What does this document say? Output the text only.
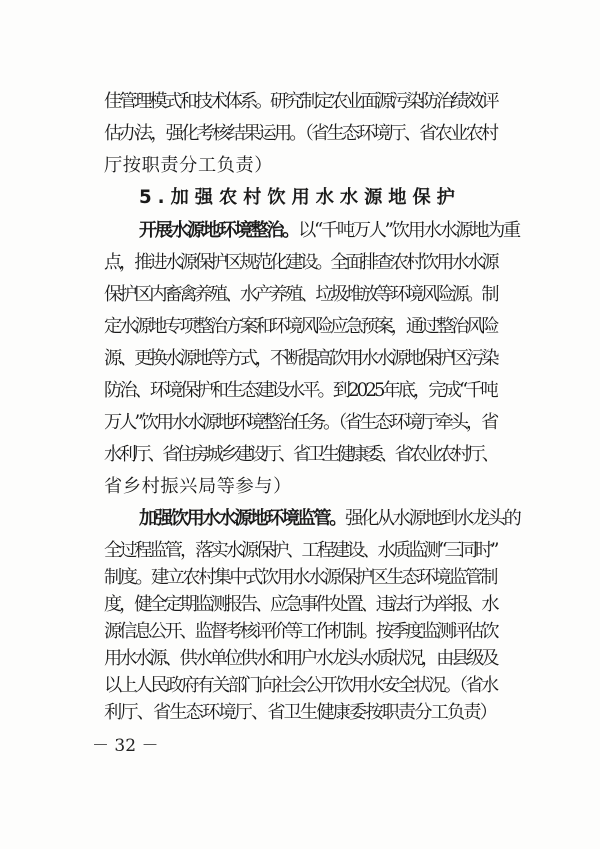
佳管理模式和技术体系。研究制定农业面源污染防治绩效评
估办法，强化考核结果运用。（省生态环境厅、省农业农村
厅按职责分工负责）
5.加强农村饮用水水源地保护
开展水源地环境整治。以“千吨万人”饮用水水源地为重
点，推进水源保护区规范化建设。全面排查农村饮用水水源
保护区内畜禽养殖、水产养殖、垃圾堆放等环境风险源。制
定水源地专项整治方案和环境风险应急预案，通过整治风险
源、更换水源地等方式，不断提高饮用水水源地保护区污染
防治、环境保护和生态建设水平。到2025年底，完成“千吨
万人”饮用水水源地环境整治任务。（省生态环境厅牵头，省
水利厅、省住房城乡建设厅、省卫生健康委、省农业农村厅、
省乡村振兴局等参与）
加强饮用水水源地环境监管。强化从水源地到水龙头的
全过程监管，落实水源保护、工程建设、水质监测“三同时”
制度。建立农村集中式饮用水水源保护区生态环境监管制
度，健全定期监测报告、应急事件处置、违法行为举报、水
源信息公开、监督考核评价等工作机制。按季度监测评估饮
用水水源、供水单位供水和用户水龙头水质状况，由县级及
以上人民政府有关部门向社会公开饮用水安全状况。（省水
利厅、省生态环境厅、省卫生健康委按职责分工负责）
－ 32 －
